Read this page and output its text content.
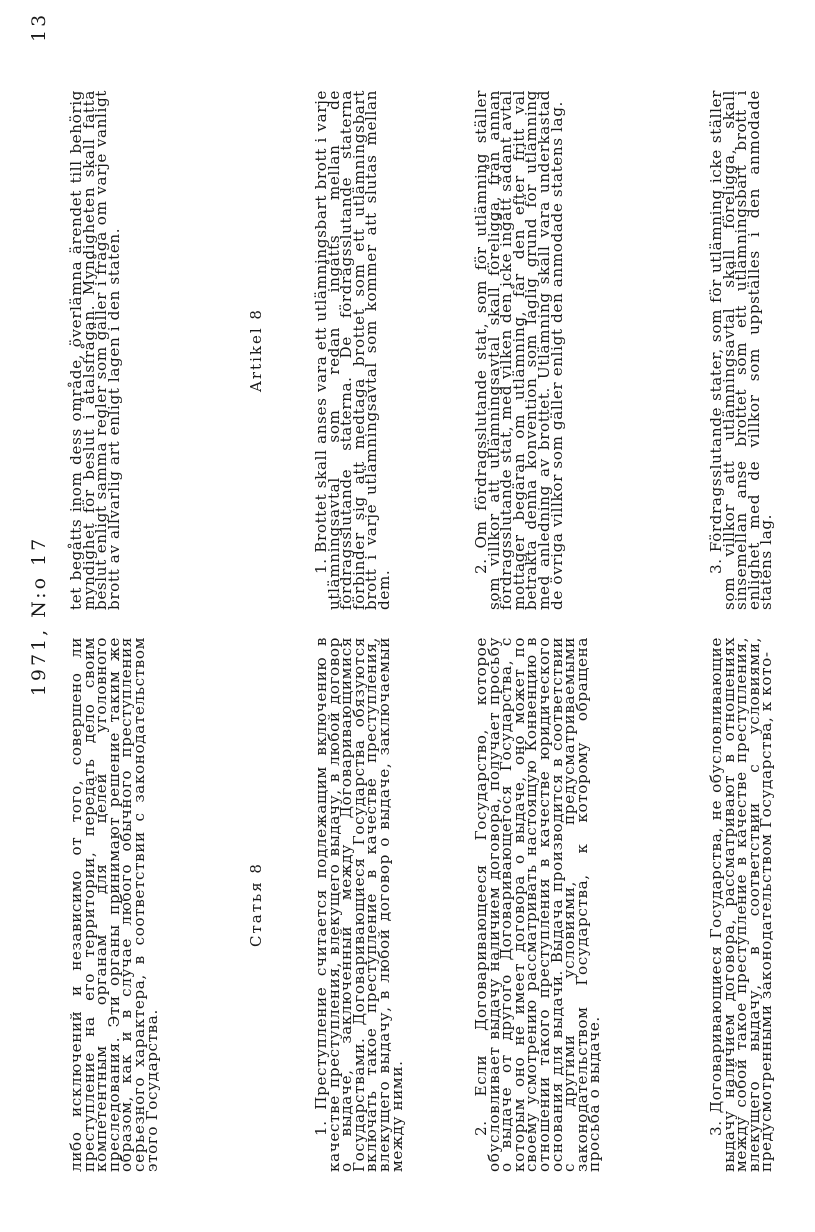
1971, N:o 17
13

либо исключений и независимо от того, совершено ли преступление на его территории, передать дело своим компетентным органам для целей уголовного преследования. Эти органы принимают решение таким же образом, как и в случае любого обычного преступления серьезного характера, в соответствии с законодательством этого Государства.

Статья 8	1. Преступление считается подлежащим включению в качестве преступления, влекущего выдачу, в любой договор о выдаче, заключенный между Договаривающимися Государствами. Договаривающиеся Государства обязуются включать такое преступление в качестве преступления, влекущего выдачу, в любой договор о выдаче, заключаемый между ними.	2. Если Договаривающееся Государство, которое обусловливает выдачу наличием договора, получает просьбу о выдаче от другого Договаривающегося Государства, с которым оно не имеет договора о выдаче, оно может по своему усмотрению рассматривать настоящую Конвенцию в отношении такого преступления в качестве юридического основания для выдачи. Выдача производится в соответствии с другими условиями, предусматриваемыми законодательством Государства, к которому обращена просьба о выдаче.	3. Договаривающиеся Государства, не обусловливающие выдачу наличием договора, рассматривают в отношениях между собой такое преступление в качестве преступления, влекущего выдачу, в соответствии с условиями, предусмотренными законодательством Государства, к кото-

tet begåtts inom dess område, överlämna ärendet till behörig myndighet för beslut i åtalsfrågan. Myndigheten skall fatta beslut enligt samma regler som gäller i fråga om varje vanligt brott av allvarlig art enligt lagen i den staten.	Artikel 8	1. Brottet skall anses vara ett utlämningsbart brott i varje utlämningsavtal som redan ingåtts mellan de fördragsslutande staterna. De fördragsslutande staterna förbinder sig att medtaga brottet som ett utlämningsbart brott i varje utlämningsavtal som kommer att slutas mellan dem.

2. Om fördragsslutande stat, som för utlämning ställer som villkor att utlämningsavtal skall föreligga, från annan fördragsslutande stat, med vilken den icke ingått sådant avtal mottager begäran om utlämning, får den efter fritt val betrakta denna konvention som laglig grund för utlämning med anledning av brottet. Utlämning skall vara underkastad de övriga villkor som gäller enligt den anmodade statens lag.	3. Fördragsslutande stater, som för utlämning icke ställer som villkor att utlämningsavtal skall föreligga, skall sinsemellan anse brottet som ett utlämningsbart brott i enlighet med de villkor som uppställes i den anmodade statens lag.
